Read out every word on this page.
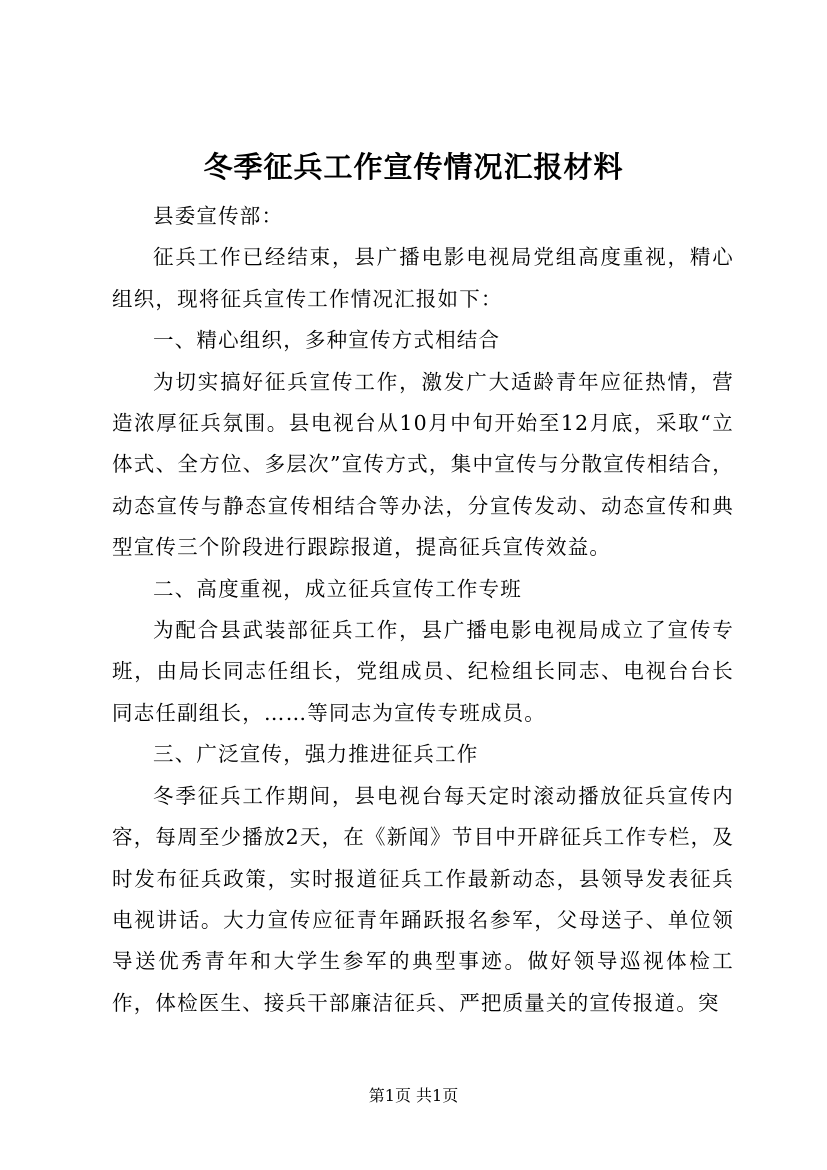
冬季征兵工作宣传情况汇报材料

县委宣传部：

征兵工作已经结束，县广播电影电视局党组高度重视，精心组织，现将征兵宣传工作情况汇报如下：

一、精心组织，多种宣传方式相结合

为切实搞好征兵宣传工作，激发广大适龄青年应征热情，营造浓厚征兵氛围。县电视台从10月中旬开始至12月底，采取“立体式、全方位、多层次”宣传方式，集中宣传与分散宣传相结合，动态宣传与静态宣传相结合等办法，分宣传发动、动态宣传和典型宣传三个阶段进行跟踪报道，提高征兵宣传效益。

二、高度重视，成立征兵宣传工作专班

为配合县武装部征兵工作，县广播电影电视局成立了宣传专班，由局长同志任组长，党组成员、纪检组长同志、电视台台长同志任副组长，……等同志为宣传专班成员。

三、广泛宣传，强力推进征兵工作

冬季征兵工作期间，县电视台每天定时滚动播放征兵宣传内容，每周至少播放2天，在《新闻》节目中开辟征兵工作专栏，及时发布征兵政策，实时报道征兵工作最新动态，县领导发表征兵电视讲话。大力宣传应征青年踊跃报名参军，父母送子、单位领导送优秀青年和大学生参军的典型事迹。做好领导巡视体检工作，体检医生、接兵干部廉洁征兵、严把质量关的宣传报道。突

第1页 共1页
